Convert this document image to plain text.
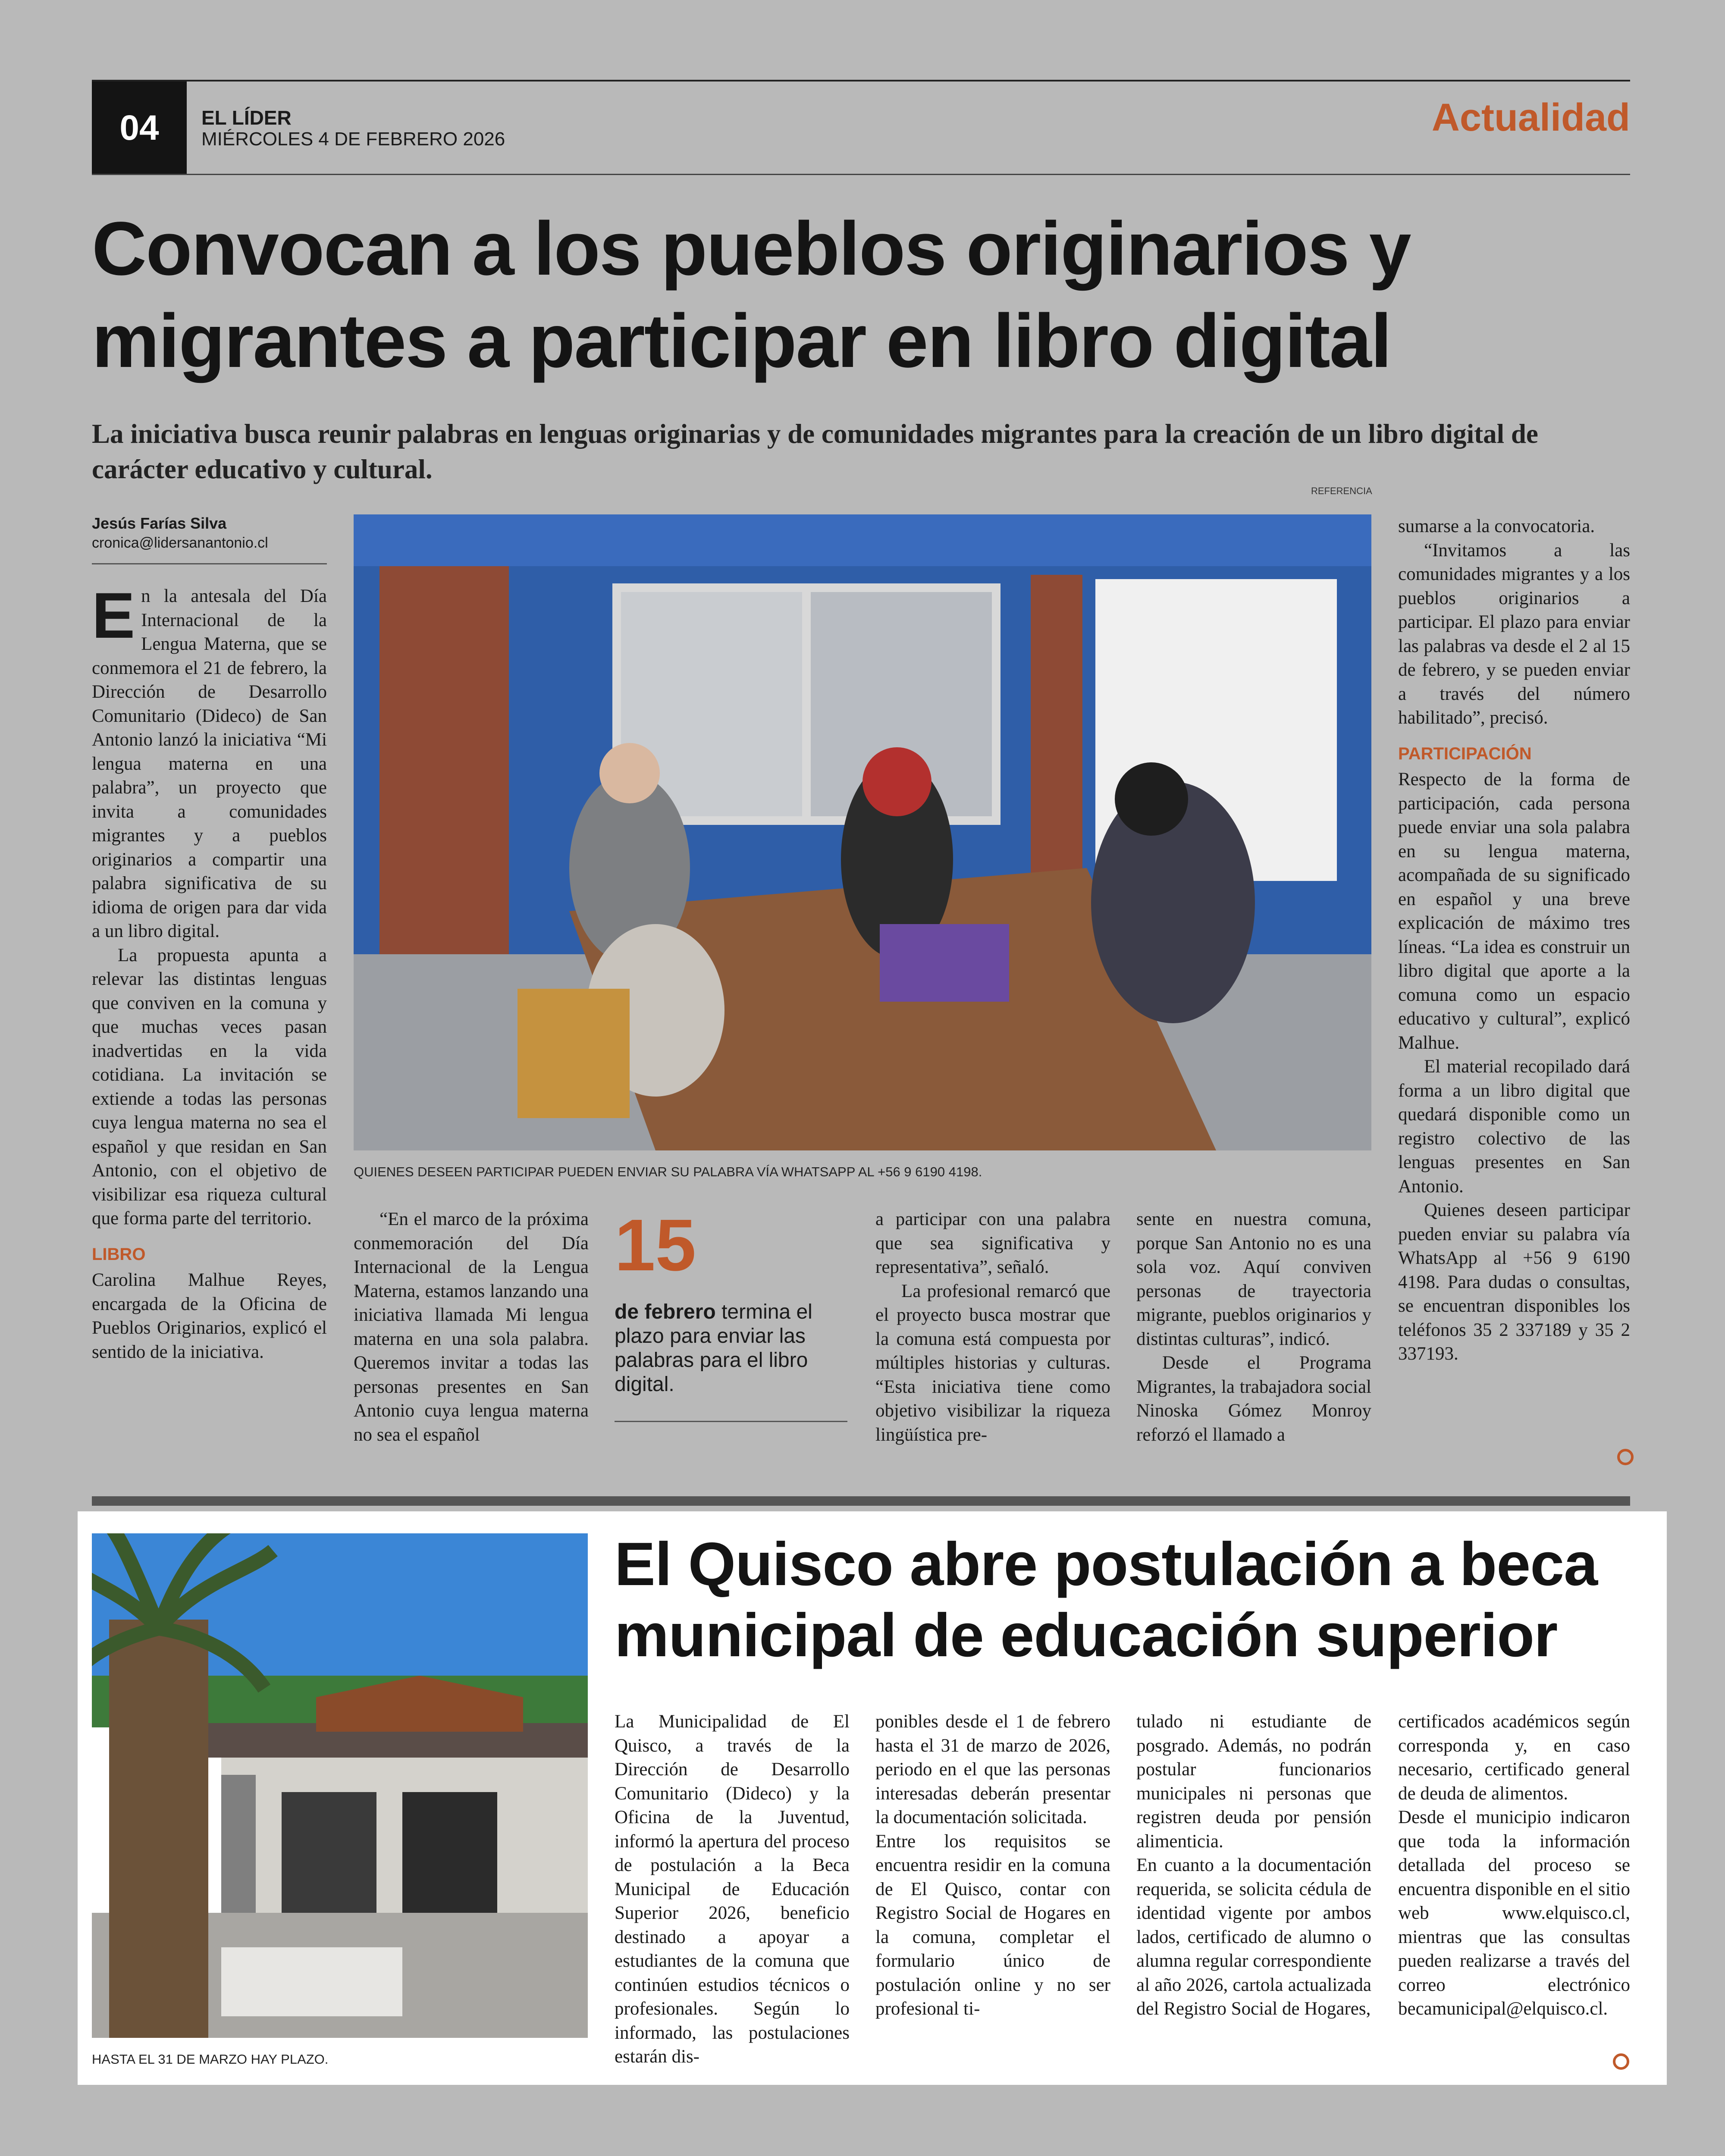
04	EL LÍDER
MIÉRCOLES 4 DE FEBRERO 2026	Actualidad
Convocan a los pueblos originarios y
migrantes a participar en libro digital
La iniciativa busca reunir palabras en lenguas originarias y de comunidades migrantes para la creación de un libro digital de carácter educativo y cultural.
REFERENCIA
Jesús Farías Silva
cronica@lidersanantonio.cl

En la antesala del Día Internacional de la Lengua Materna, que se conmemora el 21 de febrero, la Dirección de Desarrollo Comunitario (Dideco) de San Antonio lanzó la iniciativa “Mi lengua materna en una palabra”, un proyecto que invita a comunidades migrantes y a pueblos originarios a compartir una palabra significativa de su idioma de origen para dar vida a un libro digital.

La propuesta apunta a relevar las distintas lenguas que conviven en la comuna y que muchas veces pasan inadvertidas en la vida cotidiana. La invitación se extiende a todas las personas cuya lengua materna no sea el español y que residan en San Antonio, con el objetivo de visibilizar esa riqueza cultural que forma parte del territorio.

LIBRO

Carolina Malhue Reyes, encargada de la Oficina de Pueblos Originarios, explicó el sentido de la iniciativa.

QUIENES DESEEN PARTICIPAR PUEDEN ENVIAR SU PALABRA VÍA WHATSAPP AL +56 9 6190 4198.

“En el marco de la próxima conmemoración del Día Internacional de la Lengua Materna, estamos lanzando una iniciativa llamada Mi lengua materna en una sola palabra. Queremos invitar a todas las personas presentes en San Antonio cuya lengua materna no sea el español

15
de febrero termina el plazo para enviar las palabras para el libro digital.

a participar con una palabra que sea significativa y representativa”, señaló.

La profesional remarcó que el proyecto busca mostrar que la comuna está compuesta por múltiples historias y culturas. “Esta iniciativa tiene como objetivo visibilizar la riqueza lingüística pre-

sente en nuestra comuna, porque San Antonio no es una sola voz. Aquí conviven personas de trayectoria migrante, pueblos originarios y distintas culturas”, indicó.

Desde el Programa Migrantes, la trabajadora social Ninoska Gómez Monroy reforzó el llamado a

sumarse a la convocatoria.

“Invitamos a las comunidades migrantes y a los pueblos originarios a participar. El plazo para enviar las palabras va desde el 2 al 15 de febrero, y se pueden enviar a través del número habilitado”, precisó.

PARTICIPACIÓN

Respecto de la forma de participación, cada persona puede enviar una sola palabra en su lengua materna, acompañada de su significado en español y una breve explicación de máximo tres líneas. “La idea es construir un libro digital que aporte a la comuna como un espacio educativo y cultural”, explicó Malhue.

El material recopilado dará forma a un libro digital que quedará disponible como un registro colectivo de las lenguas presentes en San Antonio.

Quienes deseen participar pueden enviar su palabra vía WhatsApp al +56 9 6190 4198. Para dudas o consultas, se encuentran disponibles los teléfonos 35 2 337189 y 35 2 337193.

HASTA EL 31 DE MARZO HAY PLAZO.
El Quisco abre postulación a beca
municipal de educación superior

La Municipalidad de El Quisco, a través de la Dirección de Desarrollo Comunitario (Dideco) y la Oficina de la Juventud, informó la apertura del proceso de postulación a la Beca Municipal de Educación Superior 2026, beneficio destinado a apoyar a estudiantes de la comuna que continúen estudios técnicos o profesionales. Según lo informado, las postulaciones estarán dis-

ponibles desde el 1 de febrero hasta el 31 de marzo de 2026, periodo en el que las personas interesadas deberán presentar la documentación solicitada.

Entre los requisitos se encuentra residir en la comuna de El Quisco, contar con Registro Social de Hogares en la comuna, completar el formulario único de postulación online y no ser profesional ti-

tulado ni estudiante de posgrado. Además, no podrán postular funcionarios municipales ni personas que registren deuda por pensión alimenticia.

En cuanto a la documentación requerida, se solicita cédula de identidad vigente por ambos lados, certificado de alumno o alumna regular correspondiente al año 2026, cartola actualizada del Registro Social de Hogares,

certificados académicos según corresponda y, en caso necesario, certificado general de deuda de alimentos.

Desde el municipio indicaron que toda la información detallada del proceso se encuentra disponible en el sitio web www.elquisco.cl, mientras que las consultas pueden realizarse a través del correo electrónico becamunicipal@elquisco.cl.
